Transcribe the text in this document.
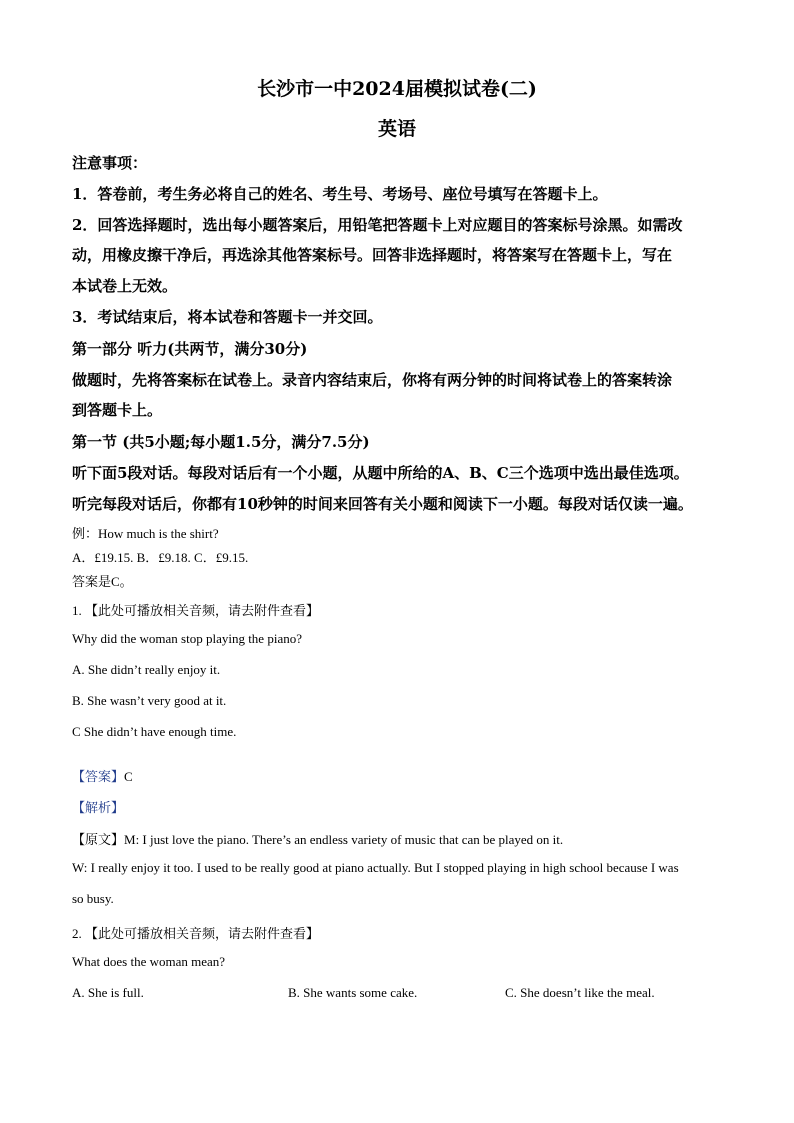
长沙市一中2024届模拟试卷(二)
英语
注意事项：
1．答卷前，考生务必将自己的姓名、考生号、考场号、座位号填写在答题卡上。
2．回答选择题时，选出每小题答案后，用铅笔把答题卡上对应题目的答案标号涂黑。如需改
动，用橡皮擦干净后，再选涂其他答案标号。回答非选择题时，将答案写在答题卡上，写在
本试卷上无效。
3．考试结束后，将本试卷和答题卡一并交回。
第一部分 听力(共两节，满分30分)
做题时，先将答案标在试卷上。录音内容结束后，你将有两分钟的时间将试卷上的答案转涂
到答题卡上。
第一节 (共5小题;每小题1.5分，满分7.5分)
听下面5段对话。每段对话后有一个小题，从题中所给的A、B、C三个选项中选出最佳选项。
听完每段对话后，你都有10秒钟的时间来回答有关小题和阅读下一小题。每段对话仅读一遍。
例：How much is the shirt?
A．£19.15. B．£9.18. C．£9.15.
答案是C。
1. 【此处可播放相关音频，请去附件查看】
Why did the woman stop playing the piano?
A. She didn’t really enjoy it.
B. She wasn’t very good at it.
C She didn’t have enough time.
【答案】C
【解析】
【原文】M: I just love the piano. There’s an endless variety of music that can be played on it.
W: I really enjoy it too. I used to be really good at piano actually. But I stopped playing in high school because I was
so busy.
2. 【此处可播放相关音频，请去附件查看】
What does the woman mean?
A. She is full.	B. She wants some cake.	C. She doesn’t like the meal.
